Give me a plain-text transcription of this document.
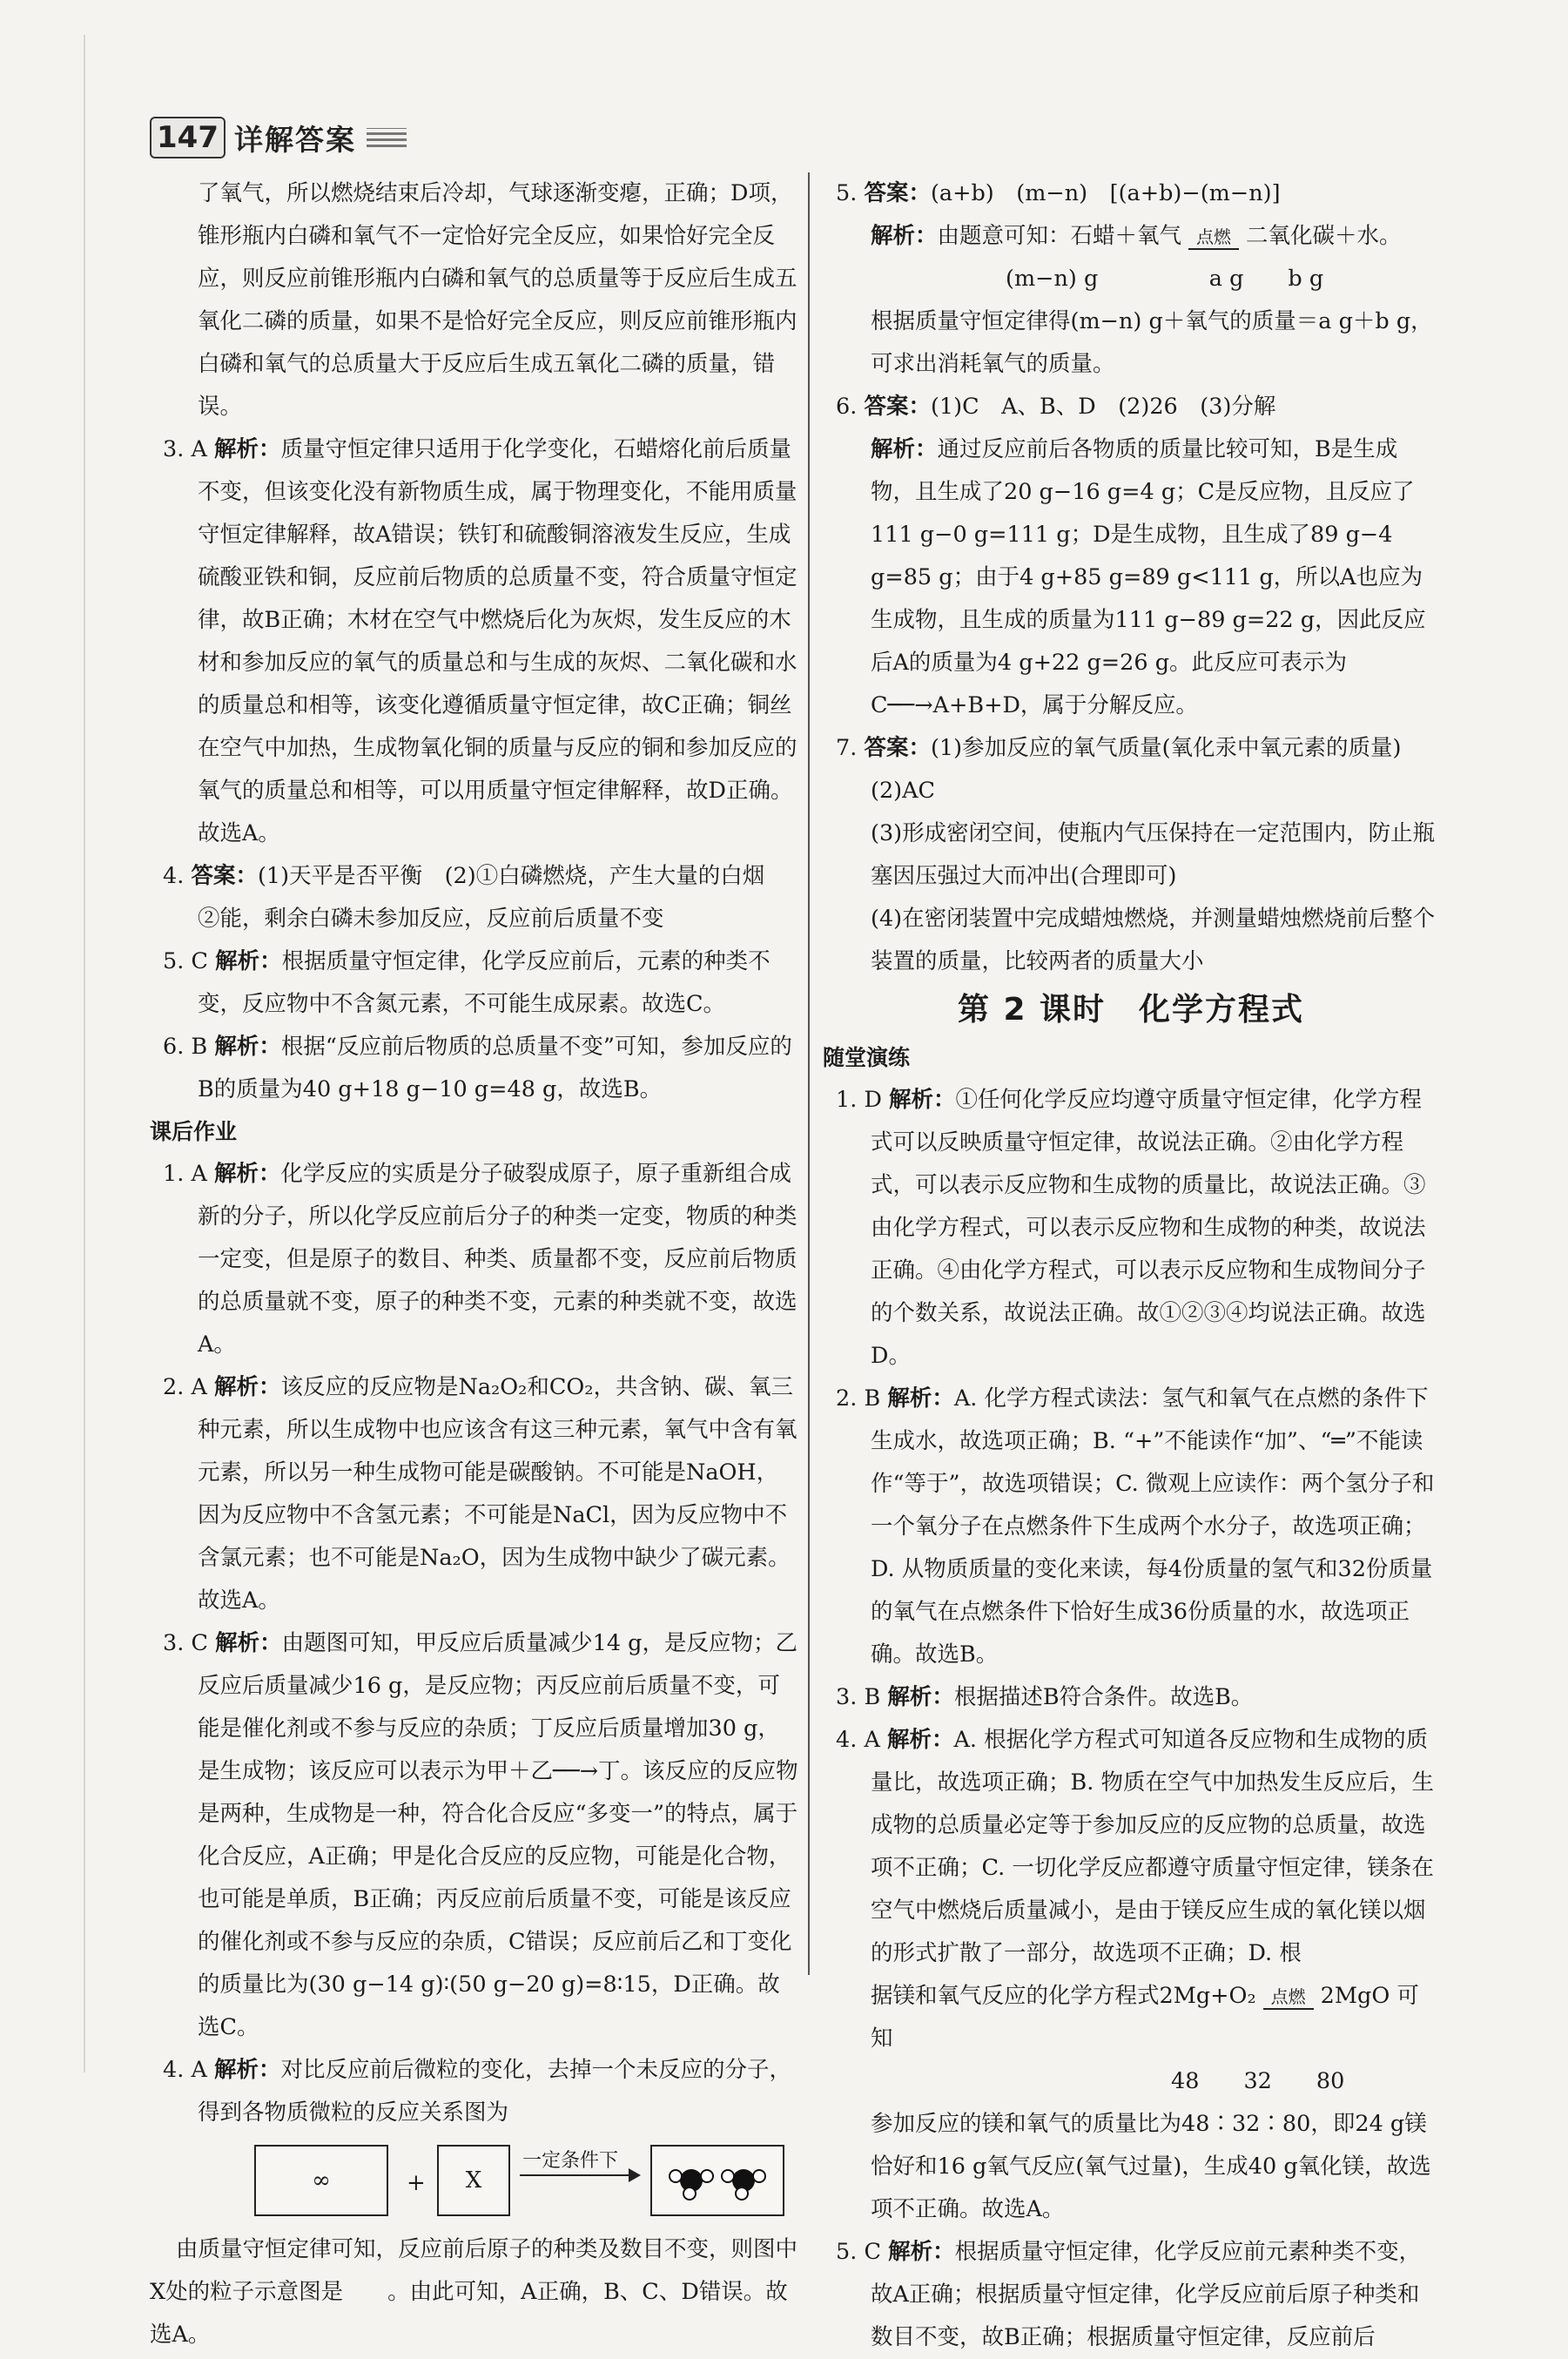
147 详解答案

了氧气，所以燃烧结束后冷却，气球逐渐变瘪，正确；D项，锥形瓶内白磷和氧气不一定恰好完全反应，如果恰好完全反应，则反应前锥形瓶内白磷和氧气的总质量等于反应后生成五氧化二磷的质量，如果不是恰好完全反应，则反应前锥形瓶内白磷和氧气的总质量大于反应后生成五氧化二磷的质量，错误。

3. A 解析：质量守恒定律只适用于化学变化，石蜡熔化前后质量不变，但该变化没有新物质生成，属于物理变化，不能用质量守恒定律解释，故A错误；铁钉和硫酸铜溶液发生反应，生成硫酸亚铁和铜，反应前后物质的总质量不变，符合质量守恒定律，故B正确；木材在空气中燃烧后化为灰烬，发生反应的木材和参加反应的氧气的质量总和与生成的灰烬、二氧化碳和水的质量总和相等，该变化遵循质量守恒定律，故C正确；铜丝在空气中加热，生成物氧化铜的质量与反应的铜和参加反应的氧气的质量总和相等，可以用质量守恒定律解释，故D正确。故选A。

4. 答案：(1)天平是否平衡　(2)①白磷燃烧，产生大量的白烟　②能，剩余白磷未参加反应，反应前后质量不变

5. C 解析：根据质量守恒定律，化学反应前后，元素的种类不变，反应物中不含氮元素，不可能生成尿素。故选C。

6. B 解析：根据“反应前后物质的总质量不变”可知，参加反应的B的质量为40 g+18 g−10 g=48 g，故选B。

课后作业

1. A 解析：化学反应的实质是分子破裂成原子，原子重新组合成新的分子，所以化学反应前后分子的种类一定变，物质的种类一定变，但是原子的数目、种类、质量都不变，反应前后物质的总质量就不变，原子的种类不变，元素的种类就不变，故选A。

2. A 解析：该反应的反应物是Na₂O₂和CO₂，共含钠、碳、氧三种元素，所以生成物中也应该含有这三种元素，氧气中含有氧元素，所以另一种生成物可能是碳酸钠。不可能是NaOH，因为反应物中不含氢元素；不可能是NaCl，因为反应物中不含氯元素；也不可能是Na₂O，因为生成物中缺少了碳元素。故选A。

3. C 解析：由题图可知，甲反应后质量减少14 g，是反应物；乙反应后质量减少16 g，是反应物；丙反应前后质量不变，可能是催化剂或不参与反应的杂质；丁反应后质量增加30 g，是生成物；该反应可以表示为甲＋乙──→丁。该反应的反应物是两种，生成物是一种，符合化合反应“多变一”的特点，属于化合反应，A正确；甲是化合反应的反应物，可能是化合物，也可能是单质，B正确；丙反应前后质量不变，可能是该反应的催化剂或不参与反应的杂质，C错误；反应前后乙和丁变化的质量比为(30 g−14 g)∶(50 g−20 g)=8∶15，D正确。故选C。

4. A 解析：对比反应前后微粒的变化，去掉一个未反应的分子，得到各物质微粒的反应关系图为

∞	+	X
一定条件下

由质量守恒定律可知，反应前后原子的种类及数目不变，则图中X处的粒子示意图是　　。由此可知，A正确，B、C、D错误。故选A。

5. 答案：(a+b)　(m−n)　[(a+b)−(m−n)]

解析：由题意可知：石蜡＋氧气 点燃 二氧化碳＋水。

(m−n) g　　　　　a g　　b g

根据质量守恒定律得(m−n) g＋氧气的质量＝a g＋b g，可求出消耗氧气的质量。

6. 答案：(1)C　A、B、D　(2)26　(3)分解

解析：通过反应前后各物质的质量比较可知，B是生成物，且生成了20 g−16 g=4 g；C是反应物，且反应了111 g−0 g=111 g；D是生成物，且生成了89 g−4 g=85 g；由于4 g+85 g=89 g<111 g，所以A也应为生成物，且生成的质量为111 g−89 g=22 g，因此反应后A的质量为4 g+22 g=26 g。此反应可表示为C──→A+B+D，属于分解反应。

7. 答案：(1)参加反应的氧气质量(氧化汞中氧元素的质量)

(2)AC

(3)形成密闭空间，使瓶内气压保持在一定范围内，防止瓶塞因压强过大而冲出(合理即可)

(4)在密闭装置中完成蜡烛燃烧，并测量蜡烛燃烧前后整个装置的质量，比较两者的质量大小

第 2 课时　化学方程式

随堂演练

1. D 解析：①任何化学反应均遵守质量守恒定律，化学方程式可以反映质量守恒定律，故说法正确。②由化学方程式，可以表示反应物和生成物的质量比，故说法正确。③由化学方程式，可以表示反应物和生成物的种类，故说法正确。④由化学方程式，可以表示反应物和生成物间分子的个数关系，故说法正确。故①②③④均说法正确。故选D。

2. B 解析：A. 化学方程式读法：氢气和氧气在点燃的条件下生成水，故选项正确；B. “+”不能读作“加”、“═”不能读作“等于”，故选项错误；C. 微观上应读作：两个氢分子和一个氧分子在点燃条件下生成两个水分子，故选项正确；D. 从物质质量的变化来读，每4份质量的氢气和32份质量的氧气在点燃条件下恰好生成36份质量的水，故选项正确。故选B。

3. B 解析：根据描述B符合条件。故选B。

4. A 解析：A. 根据化学方程式可知道各反应物和生成物的质量比，故选项正确；B. 物质在空气中加热发生反应后，生成物的总质量必定等于参加反应的反应物的总质量，故选项不正确；C. 一切化学反应都遵守质量守恒定律，镁条在空气中燃烧后质量减小，是由于镁反应生成的氧化镁以烟的形式扩散了一部分，故选项不正确；D. 根

据镁和氧气反应的化学方程式2Mg+O₂ 点燃 2MgO 可知

48　　32　　80

参加反应的镁和氧气的质量比为48∶32∶80，即24 g镁恰好和16 g氧气反应(氧气过量)，生成40 g氧化镁，故选项不正确。故选A。

5. C 解析：根据质量守恒定律，化学反应前元素种类不变，故A正确；根据质量守恒定律，化学反应前后原子种类和数目不变，故B正确；根据质量守恒定律，反应前后
